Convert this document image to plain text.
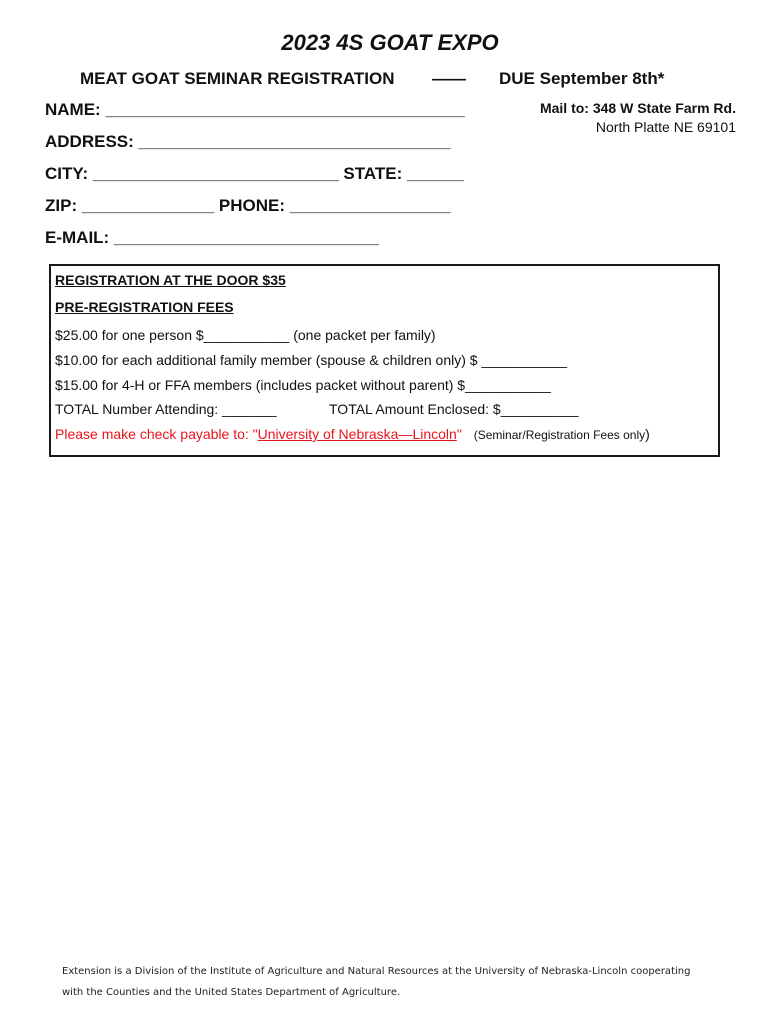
2023 4S GOAT EXPO
MEAT GOAT SEMINAR REGISTRATION —— DUE September 8th*
Mail to: 348 W State Farm Rd.
North Platte NE 69101
NAME: ______________________________________
ADDRESS: _________________________________
CITY: __________________________ STATE: ______
ZIP: ______________ PHONE: _________________
E-MAIL: ____________________________
REGISTRATION AT THE DOOR $35
PRE-REGISTRATION FEES
$25.00 for one person $___________ (one packet per family)
$10.00 for each additional family member (spouse & children only) $ ___________
$15.00 for 4-H or FFA members (includes packet without parent) $___________
TOTAL Number Attending: _______	TOTAL Amount Enclosed: $__________
Please make check payable to: "University of Nebraska—Lincoln" (Seminar/Registration Fees only)
Extension is a Division of the Institute of Agriculture and Natural Resources at the University of Nebraska-Lincoln cooperating
with the Counties and the United States Department of Agriculture.
